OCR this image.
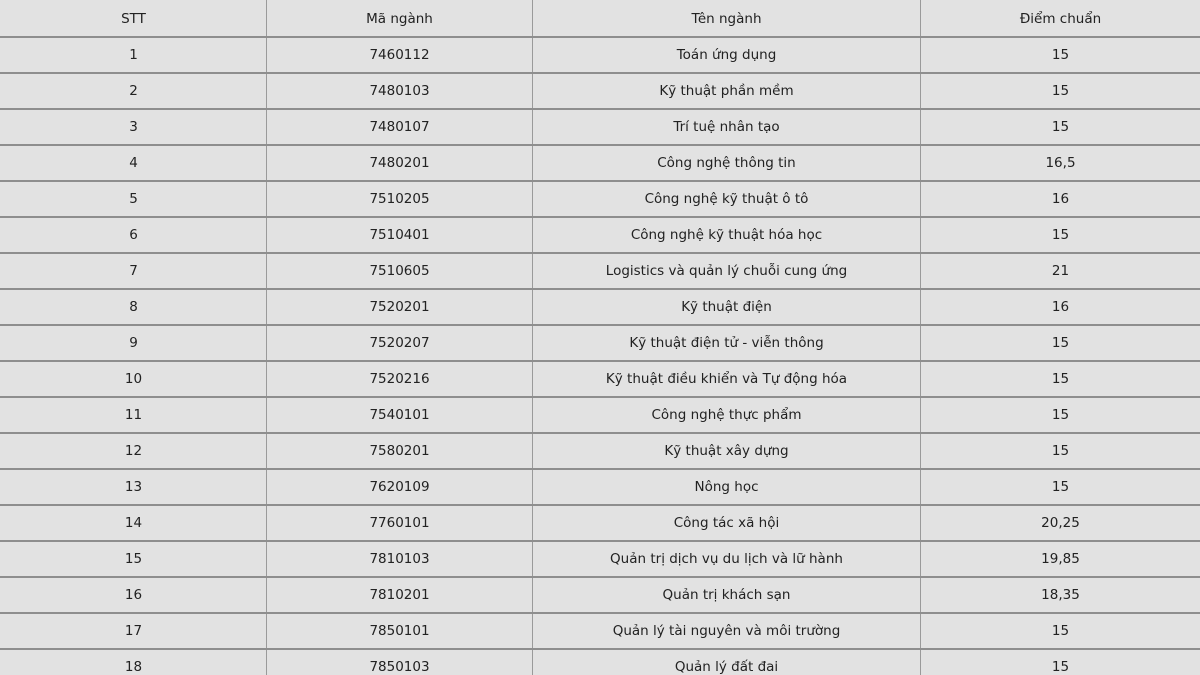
STT	Mã ngành	Tên ngành	Điểm chuẩn
1	7460112	Toán ứng dụng	15
2	7480103	Kỹ thuật phần mềm	15
3	7480107	Trí tuệ nhân tạo	15
4	7480201	Công nghệ thông tin	16,5
5	7510205	Công nghệ kỹ thuật ô tô	16
6	7510401	Công nghệ kỹ thuật hóa học	15
7	7510605	Logistics và quản lý chuỗi cung ứng	21
8	7520201	Kỹ thuật điện	16
9	7520207	Kỹ thuật điện tử - viễn thông	15
10	7520216	Kỹ thuật điều khiển và Tự động hóa	15
11	7540101	Công nghệ thực phẩm	15
12	7580201	Kỹ thuật xây dựng	15
13	7620109	Nông học	15
14	7760101	Công tác xã hội	20,25
15	7810103	Quản trị dịch vụ du lịch và lữ hành	19,85
16	7810201	Quản trị khách sạn	18,35
17	7850101	Quản lý tài nguyên và môi trường	15
18	7850103	Quản lý đất đai	15
